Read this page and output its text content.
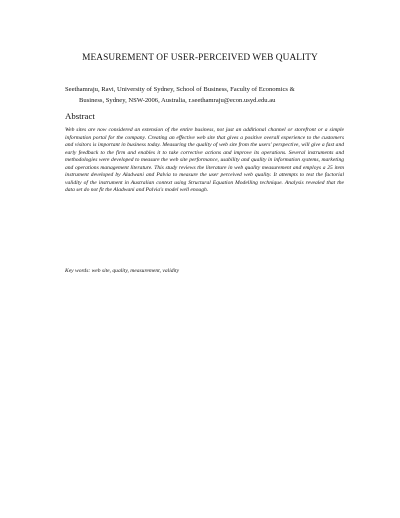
MEASUREMENT OF USER-PERCEIVED WEB QUALITY

Seethamraju, Ravi, University of Sydney, School of Business, Faculty of Economics &
Business, Sydney, NSW-2006, Australia, r.seethamraju@econ.usyd.edu.au

Abstract

Web sites are now considered an extension of the entire business, not just an additional channel or storefront or a simple information portal for the company. Creating an effective web site that gives a positive overall experience to the customers and visitors is important in business today. Measuring the quality of web site from the users' perspective, will give a fast and early feedback to the firm and enables it to take corrective actions and improve its operations. Several instruments and methodologies were developed to measure the web site performance, usability and quality in information systems, marketing and operations management literature. This study reviews the literature in web quality measurement and employs a 25 item instrument developed by Aladwani and Palvia to measure the user perceived web quality. It attempts to test the factorial validity of the instrument in Australian context using Structural Equation Modelling technique. Analysis revealed that the data set do not fit the Aladwani and Palvia's model well enough.

Key words: web site, quality, measurement, validity
